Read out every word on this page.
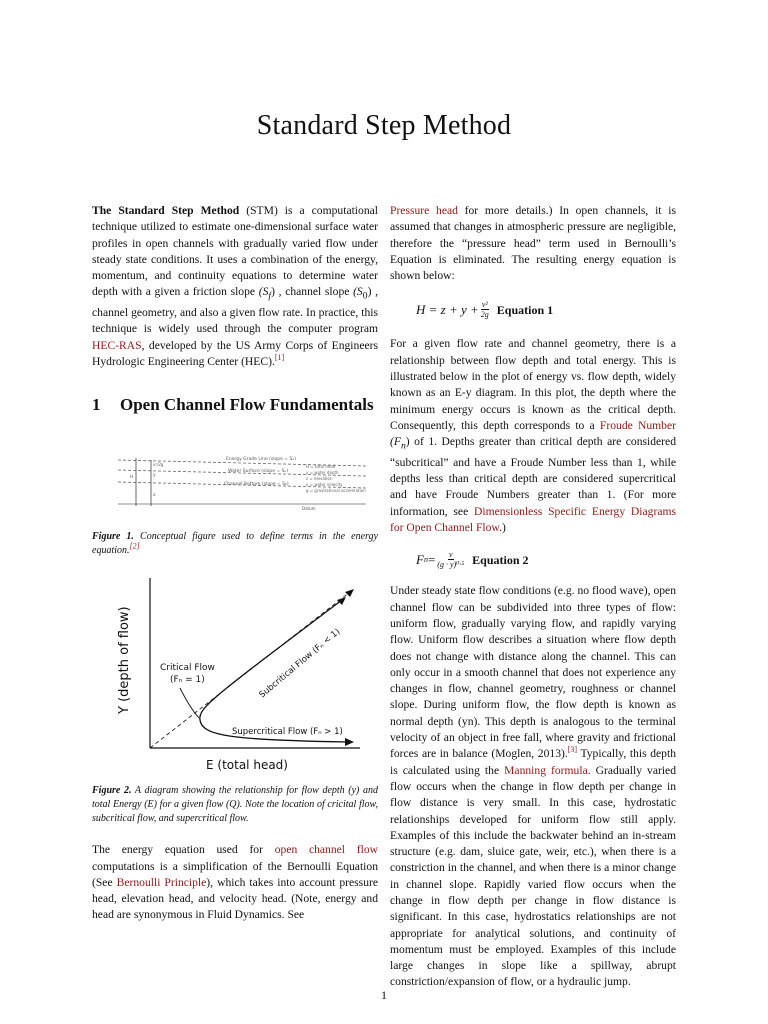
Standard Step Method

The Standard Step Method (STM) is a computational technique utilized to estimate one-dimensional surface water profiles in open channels with gradually varied flow under steady state conditions. It uses a combination of the energy, momentum, and continuity equations to determine water depth with a given a friction slope $(S_f)$ , channel slope $(S_0)$ , channel geometry, and also a given flow rate. In practice, this technique is widely used through the computer program HEC-RAS, developed by the US Army Corps of Engineers Hydrologic Engineering Center (HEC).[1]

1	Open Channel Flow Fundamentals
Energy Grade Line (slope = Sₑ)
Water Surface (slope = Sₒ)
Channel Bottom (slope = S₀)
v²/2g
H	y
z
Datum
H = total head
y = water depth
z = elevation
v = water velocity
g = gravitational acceleration

Figure 1. Conceptual figure used to define terms in the energy equation.[2]

Y (depth of flow)	Critical Flow
(Fₙ = 1)	Subcritical Flow (Fₙ < 1)
Supercritical Flow (Fₙ > 1)
E (total head)

Figure 2. A diagram showing the relationship for flow depth (y) and total Energy (E) for a given flow (Q). Note the location of cricital flow, subcritical flow, and supercritical flow.

The energy equation used for open channel flow computations is a simplification of the Bernoulli Equation (See Bernoulli Principle), which takes into account pressure head, elevation head, and velocity head. (Note, energy and head are synonymous in Fluid Dynamics. See

Pressure head for more details.) In open channels, it is assumed that changes in atmospheric pressure are negligible, therefore the “pressure head” term used in Bernoulli’s Equation is eliminated. The resulting energy equation is shown below:

$H = z + y + \frac{\text{v²}}{2g}$ Equation 1

For a given flow rate and channel geometry, there is a relationship between flow depth and total energy. This is illustrated below in the plot of energy vs. flow depth, widely known as an E-y diagram. In this plot, the depth where the minimum energy occurs is known as the critical depth. Consequently, this depth corresponds to a Froude Number $(F_n)$ of 1. Depths greater than critical depth are considered “subcritical” and have a Froude Number less than 1, while depths less than critical depth are considered supercritical and have Froude Numbers greater than 1. (For more information, see Dimensionless Specific Energy Diagrams for Open Channel Flow.)

F $n = \frac{v}{\text{(g · y)⁰·⁵}}$ Equation 2

Under steady state flow conditions (e.g. no flood wave), open channel flow can be subdivided into three types of flow: uniform flow, gradually varying flow, and rapidly varying flow. Uniform flow describes a situation where flow depth does not change with distance along the channel. This can only occur in a smooth channel that does not experience any changes in flow, channel geometry, roughness or channel slope. During uniform flow, the flow depth is known as normal depth (yn). This depth is analogous to the terminal velocity of an object in free fall, where gravity and frictional forces are in balance (Moglen, 2013).[3] Typically, this depth is calculated using the Manning formula. Gradually varied flow occurs when the change in flow depth per change in flow distance is very small. In this case, hydrostatic relationships developed for uniform flow still apply. Examples of this include the backwater behind an in-stream structure (e.g. dam, sluice gate, weir, etc.), when there is a constriction in the channel, and when there is a minor change in channel slope. Rapidly varied flow occurs when the change in flow depth per change in flow distance is significant. In this case, hydrostatics relationships are not appropriate for analytical solutions, and continuity of momentum must be employed. Examples of this include large changes in slope like a spillway, abrupt constriction/expansion of flow, or a hydraulic jump.

1
